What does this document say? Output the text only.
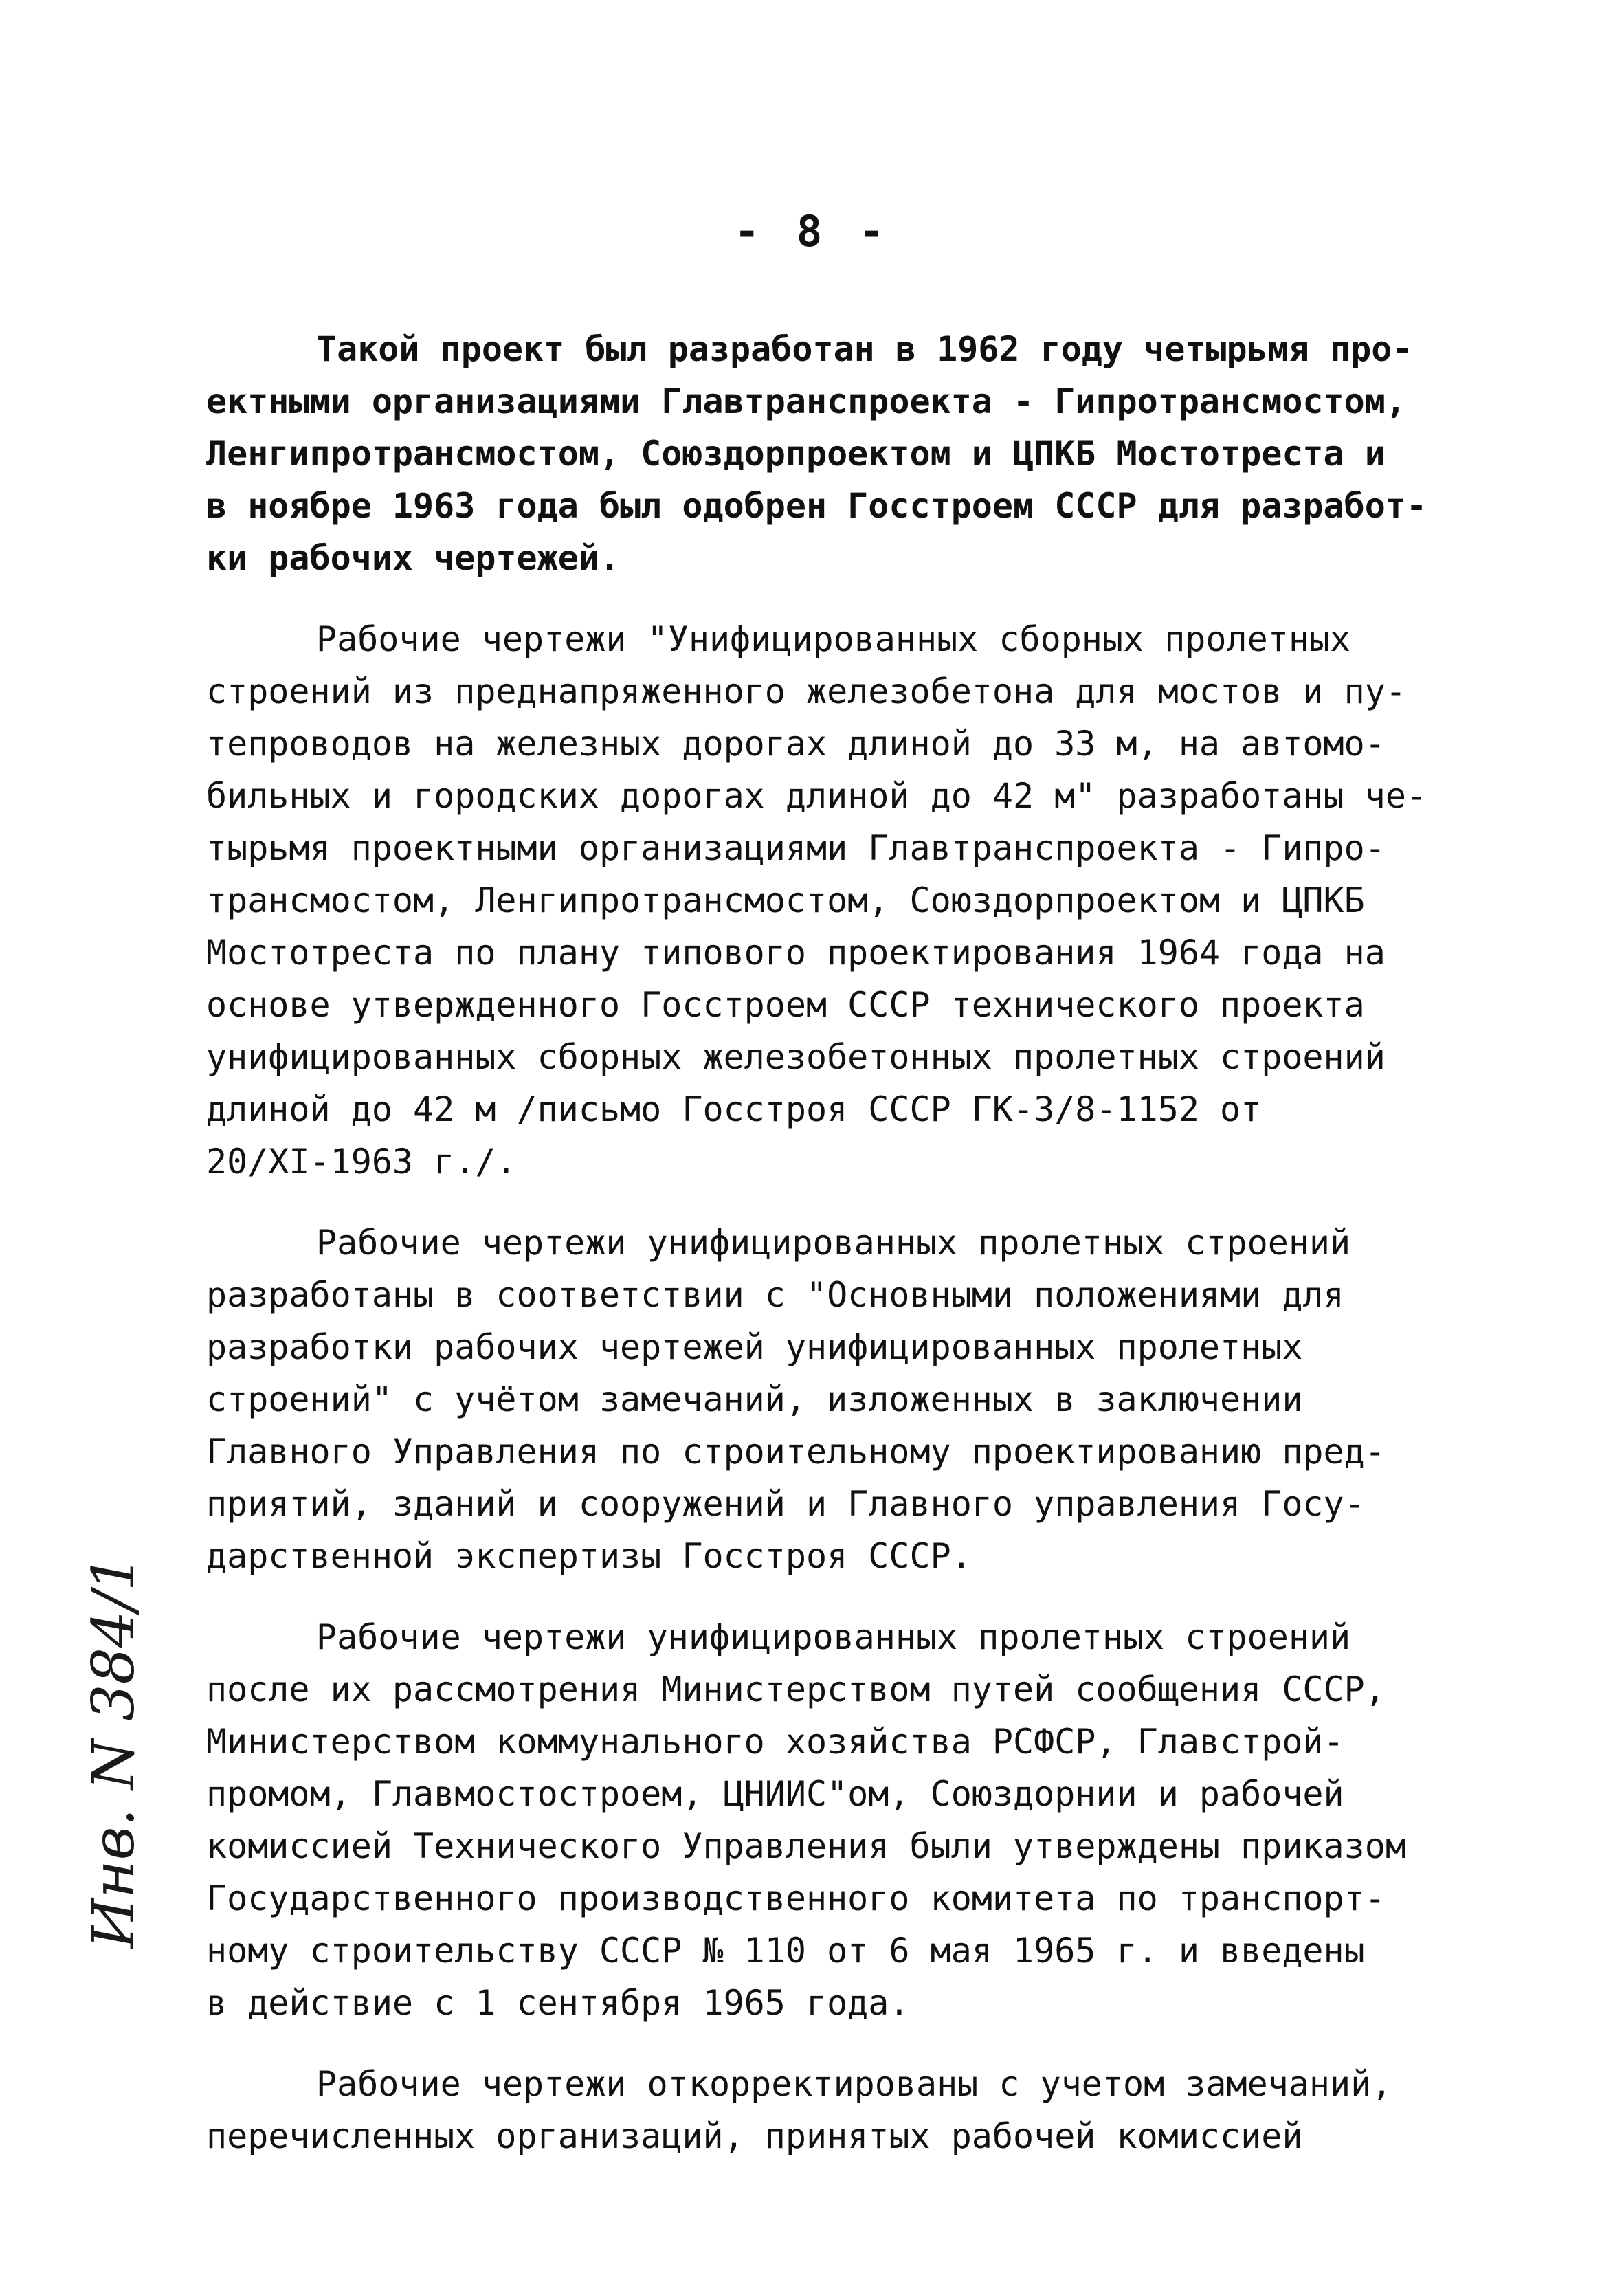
- 8 -
Такой проект был разработан в 1962 году четырьмя про-
ектными организациями Главтранспроекта - Гипротрансмостом,
Ленгипротрансмостом, Союздорпроектом и ЦПКБ Мостотреста и
в ноябре 1963 года был одобрен Госстроем СССР для разработ-
ки рабочих чертежей.
Рабочие чертежи "Унифицированных сборных пролетных
строений из преднапряженного железобетона для мостов и пу-
тепроводов на железных дорогах длиной до 33 м, на автомо-
бильных и городских дорогах длиной до 42 м" разработаны че-
тырьмя проектными организациями Главтранспроекта - Гипро-
трансмостом, Ленгипротрансмостом, Союздорпроектом и ЦПКБ
Мостотреста по плану типового проектирования 1964 года на
основе утвержденного Госстроем СССР технического проекта
унифицированных сборных железобетонных пролетных строений
длиной до 42 м /письмо Госстроя СССР ГК-3/8-1152 от
20/XI-1963 г./.
Рабочие чертежи унифицированных пролетных строений
разработаны в соответствии с "Основными положениями для
разработки рабочих чертежей унифицированных пролетных
строений" с учётом замечаний, изложенных в заключении
Главного Управления по строительному проектированию пред-
приятий, зданий и сооружений и Главного управления Госу-
дарственной экспертизы Госстроя СССР.
Рабочие чертежи унифицированных пролетных строений
после их рассмотрения Министерством путей сообщения СССР,
Министерством коммунального хозяйства РСФСР, Главстрой-
промом, Главмостостроем, ЦНИИС"ом, Союздорнии и рабочей
комиссией Технического Управления были утверждены приказом
Государственного производственного комитета по транспорт-
ному строительству СССР № 110 от 6 мая 1965 г. и введены
в действие с 1 сентября 1965 года.
Рабочие чертежи откорректированы с учетом замечаний,
перечисленных организаций, принятых рабочей комиссией
Инв. N 384/1
